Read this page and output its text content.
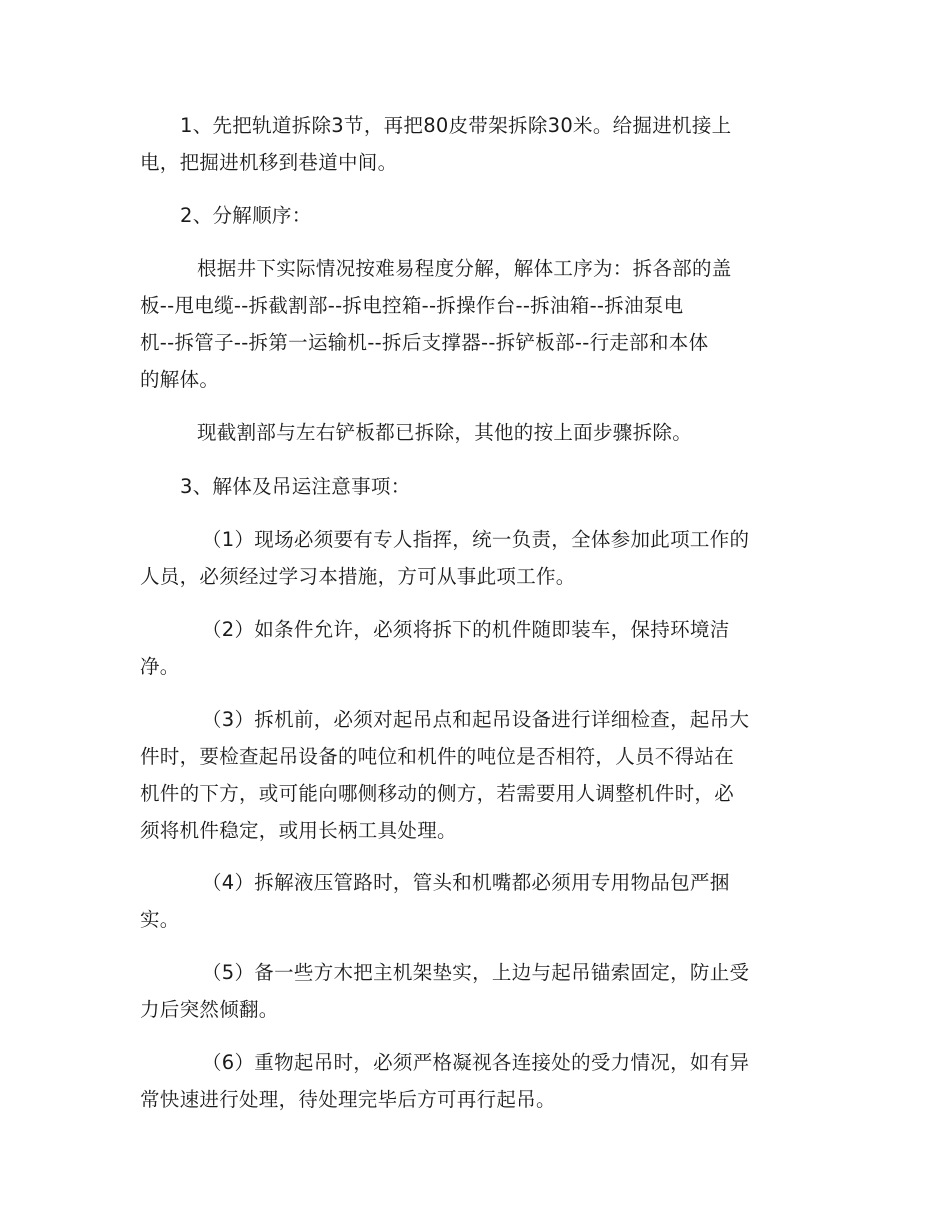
1、先把轨道拆除3节，再把80皮带架拆除30米。给掘进机接上
电，把掘进机移到巷道中间。

2、分解顺序：

根据井下实际情况按难易程度分解，解体工序为：拆各部的盖
板--甩电缆--拆截割部--拆电控箱--拆操作台--拆油箱--拆油泵电
机--拆管子--拆第一运输机--拆后支撑器--拆铲板部--行走部和本体
的解体。

现截割部与左右铲板都已拆除，其他的按上面步骤拆除。

3、解体及吊运注意事项：

（1）现场必须要有专人指挥，统一负责，全体参加此项工作的
人员，必须经过学习本措施，方可从事此项工作。

（2）如条件允许，必须将拆下的机件随即装车，保持环境洁
净。

（3）拆机前，必须对起吊点和起吊设备进行详细检查，起吊大
件时，要检查起吊设备的吨位和机件的吨位是否相符，人员不得站在
机件的下方，或可能向哪侧移动的侧方，若需要用人调整机件时，必
须将机件稳定，或用长柄工具处理。

（4）拆解液压管路时，管头和机嘴都必须用专用物品包严捆
实。

（5）备一些方木把主机架垫实，上边与起吊锚索固定，防止受
力后突然倾翻。

（6）重物起吊时，必须严格凝视各连接处的受力情况，如有异
常快速进行处理，待处理完毕后方可再行起吊。
